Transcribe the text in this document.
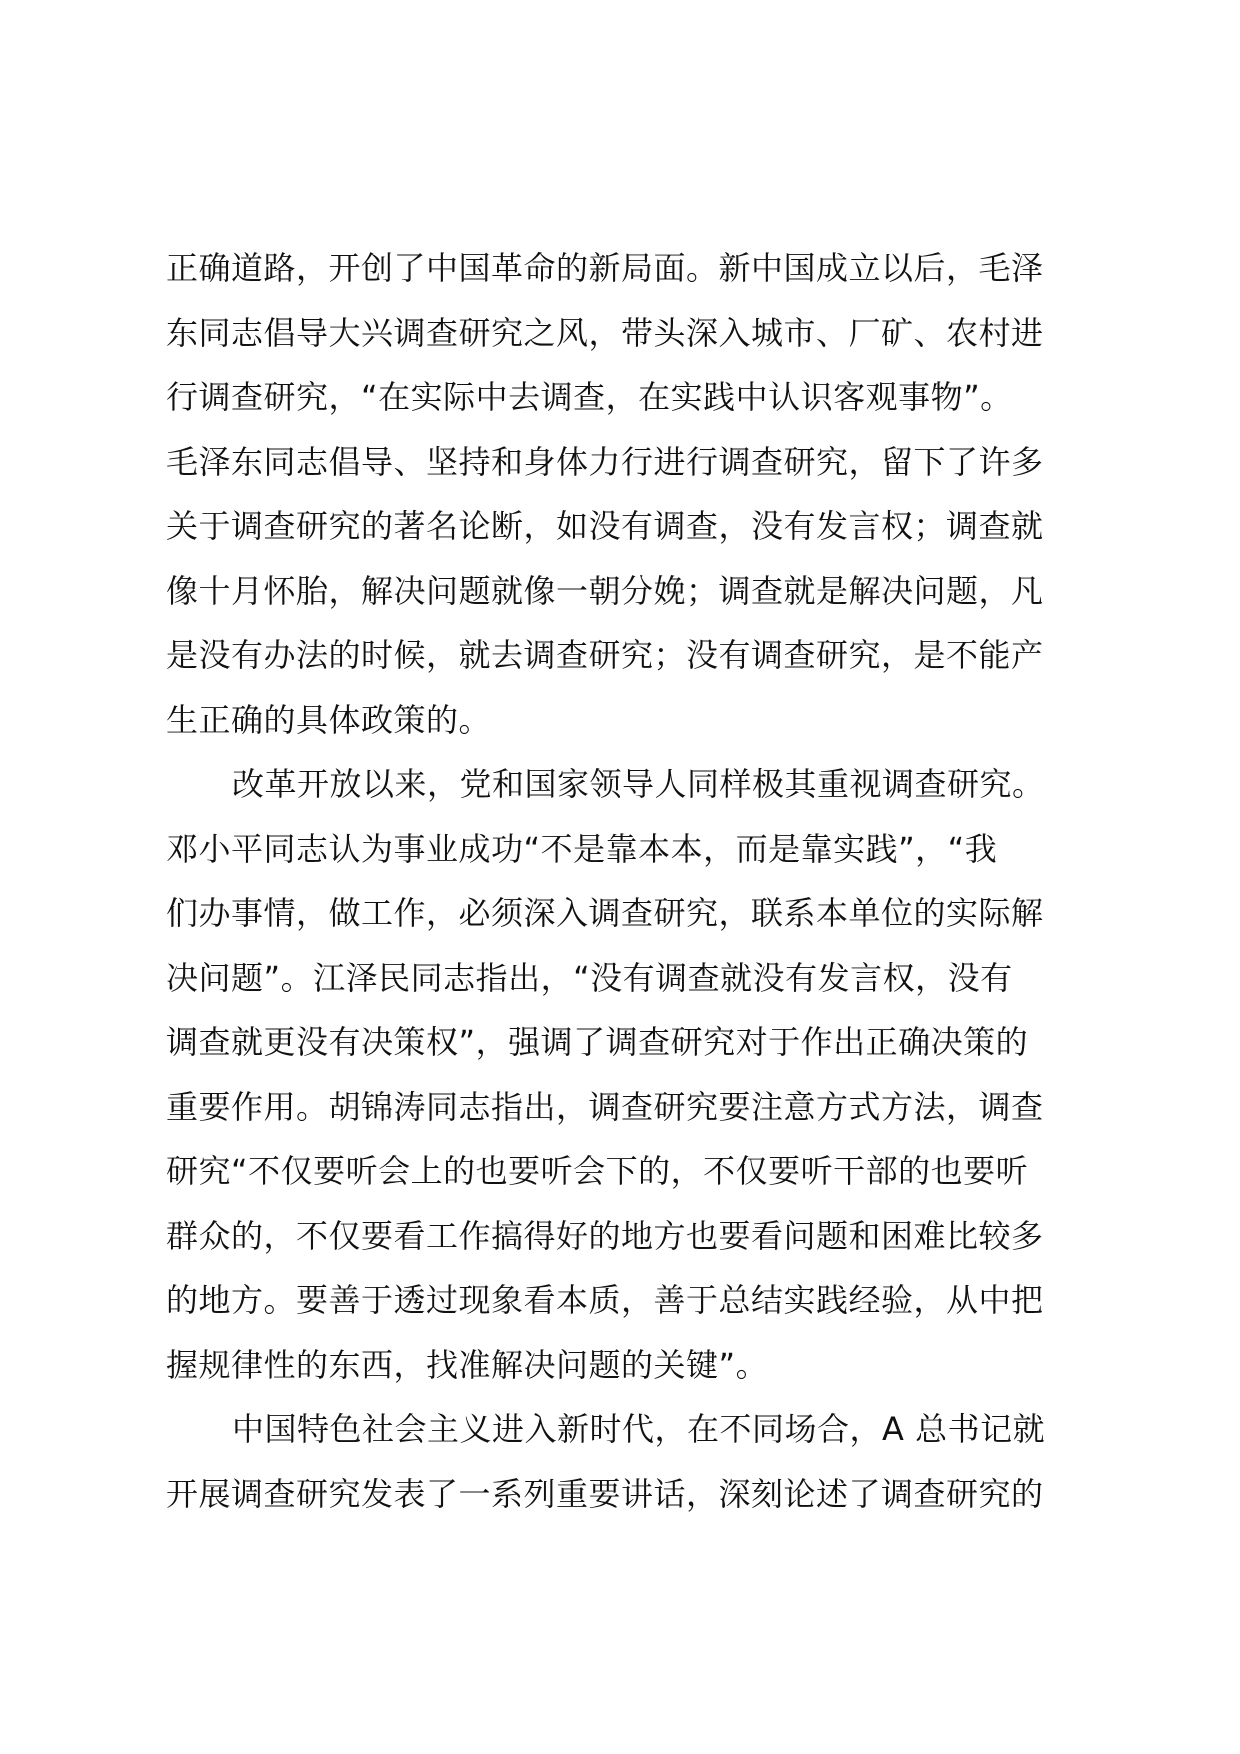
正确道路，开创了中国革命的新局面。新中国成立以后，毛泽
东同志倡导大兴调查研究之风，带头深入城市、厂矿、农村进
行调查研究，“在实际中去调查，在实践中认识客观事物”。
毛泽东同志倡导、坚持和身体力行进行调查研究，留下了许多
关于调查研究的著名论断，如没有调查，没有发言权；调查就
像十月怀胎，解决问题就像一朝分娩；调查就是解决问题，凡
是没有办法的时候，就去调查研究；没有调查研究，是不能产
生正确的具体政策的。
改革开放以来，党和国家领导人同样极其重视调查研究。
邓小平同志认为事业成功“不是靠本本，而是靠实践”，“我
们办事情，做工作，必须深入调查研究，联系本单位的实际解
决问题”。江泽民同志指出，“没有调查就没有发言权，没有
调查就更没有决策权”，强调了调查研究对于作出正确决策的
重要作用。胡锦涛同志指出，调查研究要注意方式方法，调查
研究“不仅要听会上的也要听会下的，不仅要听干部的也要听
群众的，不仅要看工作搞得好的地方也要看问题和困难比较多
的地方。要善于透过现象看本质，善于总结实践经验，从中把
握规律性的东西，找准解决问题的关键”。
中国特色社会主义进入新时代，在不同场合，A 总书记就
开展调查研究发表了一系列重要讲话，深刻论述了调查研究的
